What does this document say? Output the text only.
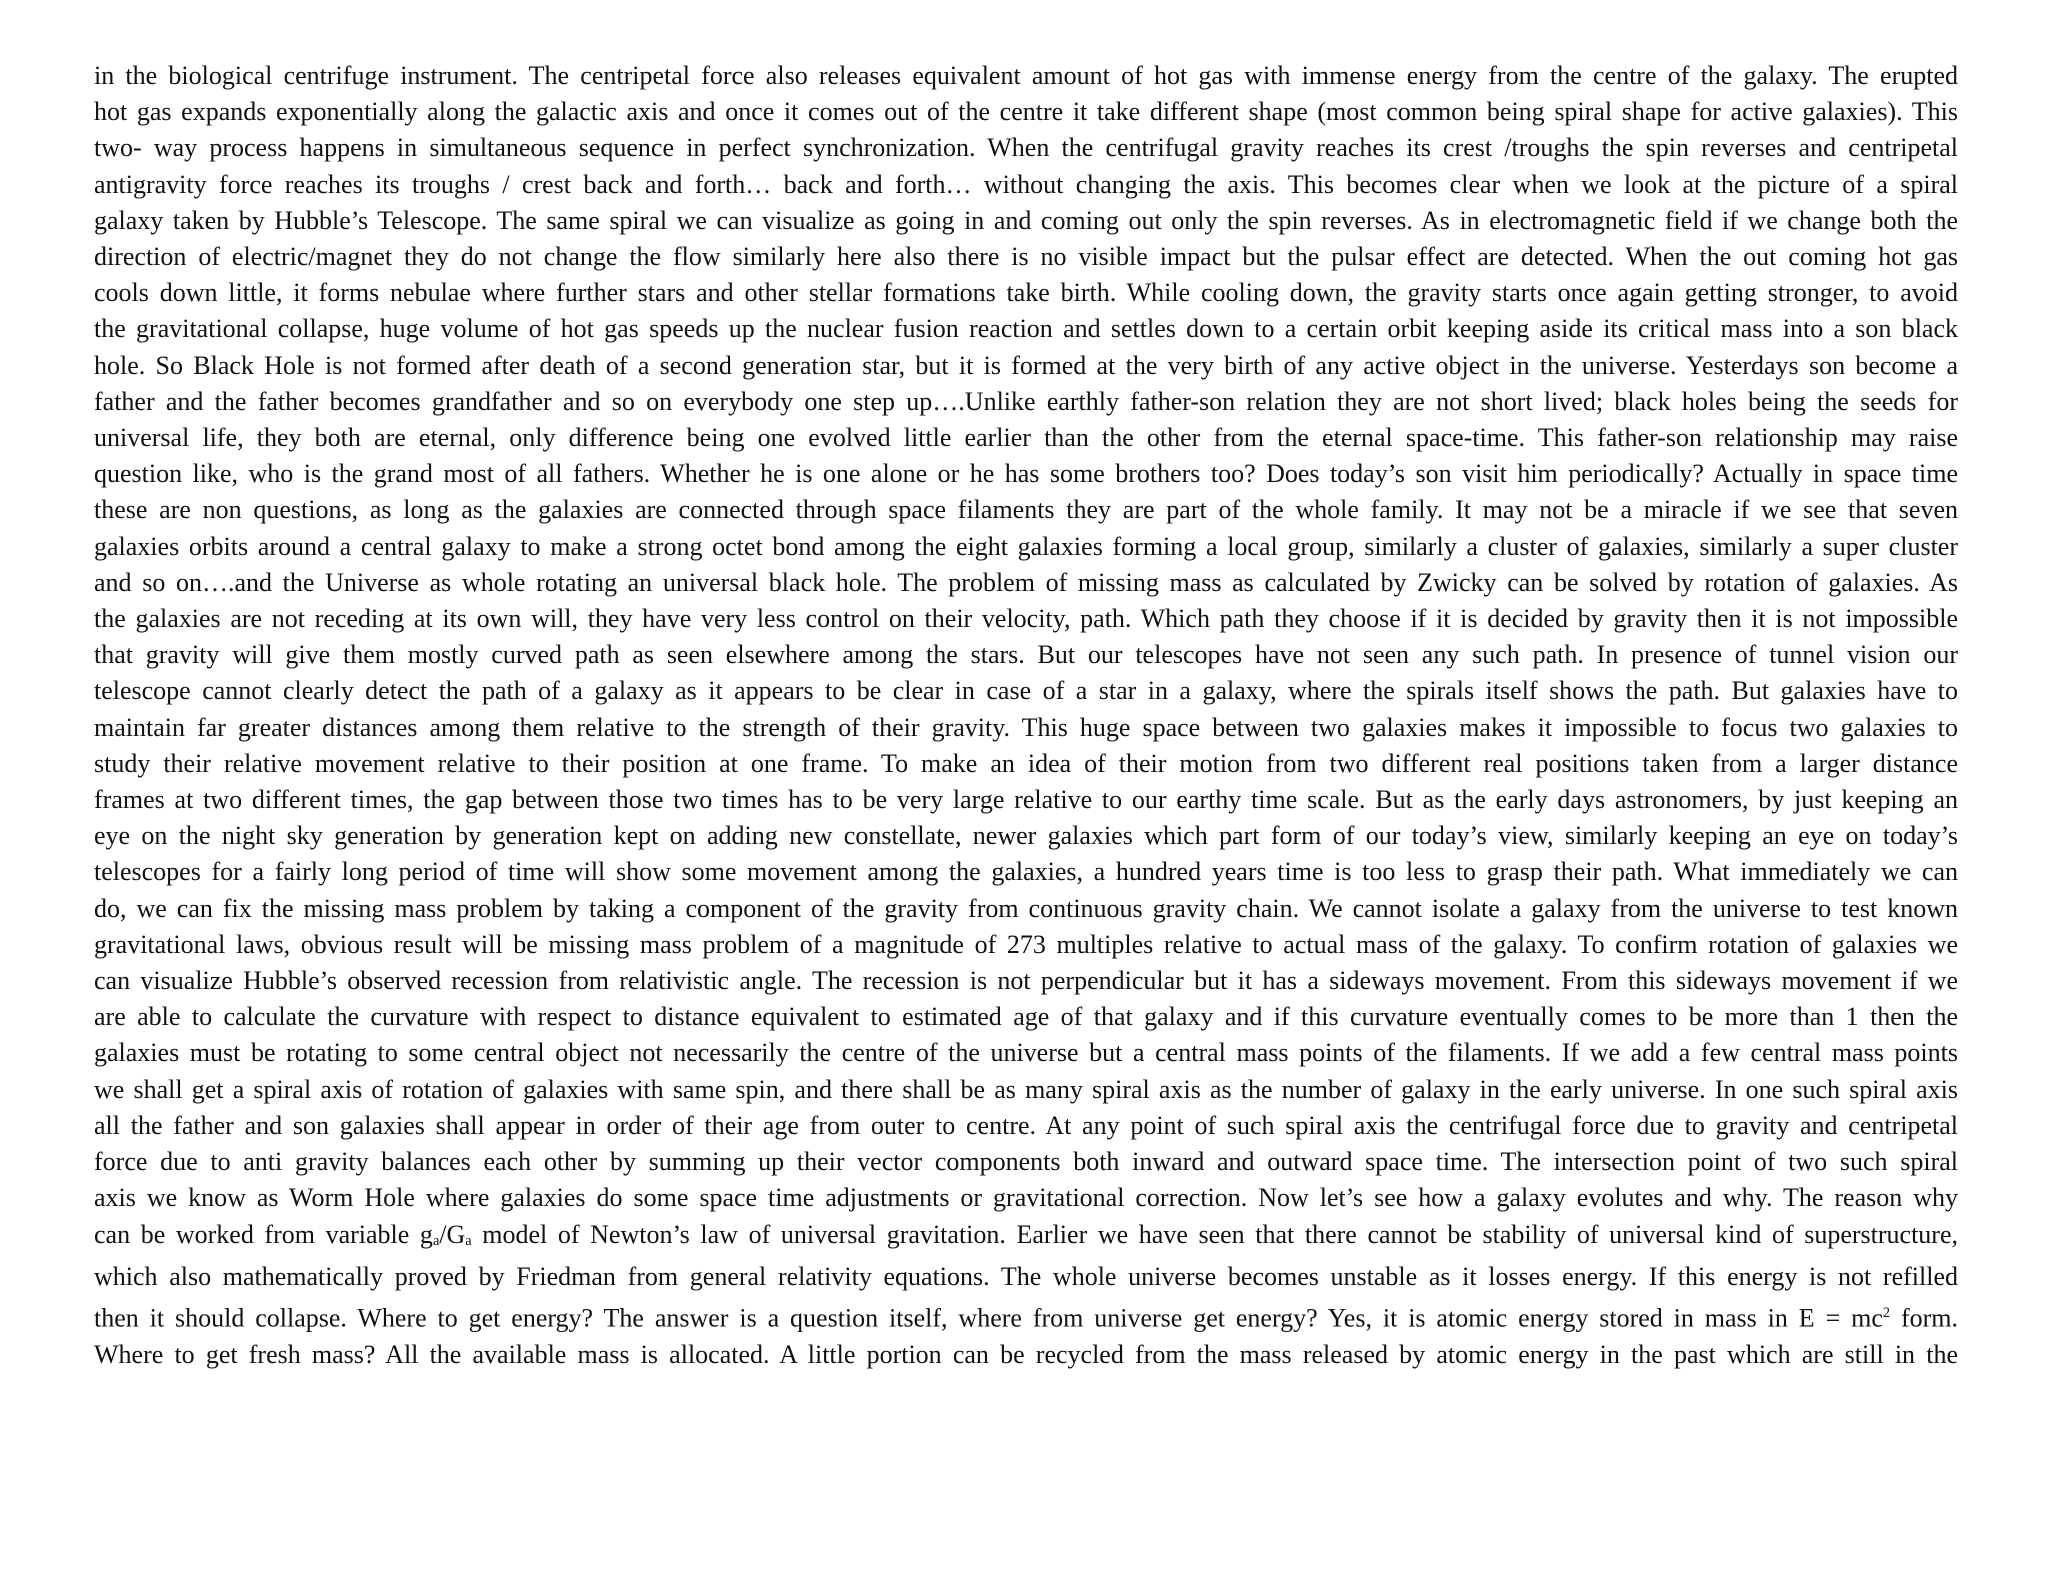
in the biological centrifuge instrument. The centripetal force also releases equivalent amount of hot gas with immense energy from the centre of the galaxy. The erupted
hot gas expands exponentially along the galactic axis and once it comes out of the centre it take different shape (most common being spiral shape for active galaxies). This
two- way process happens in simultaneous sequence in perfect synchronization. When the centrifugal gravity reaches its crest /troughs the spin reverses and centripetal
antigravity force reaches its troughs / crest back and forth… back and forth… without changing the axis. This becomes clear when we look at the picture of a spiral
galaxy taken by Hubble’s Telescope. The same spiral we can visualize as going in and coming out only the spin reverses. As in electromagnetic field if we change both the
direction of electric/magnet they do not change the flow similarly here also there is no visible impact but the pulsar effect are detected. When the out coming hot gas
cools down little, it forms nebulae where further stars and other stellar formations take birth. While cooling down, the gravity starts once again getting stronger, to avoid
the gravitational collapse, huge volume of hot gas speeds up the nuclear fusion reaction and settles down to a certain orbit keeping aside its critical mass into a son black
hole. So Black Hole is not formed after death of a second generation star, but it is formed at the very birth of any active object in the universe. Yesterdays son become a
father and the father becomes grandfather and so on everybody one step up….Unlike earthly father-son relation they are not short lived; black holes being the seeds for
universal life, they both are eternal, only difference being one evolved little earlier than the other from the eternal space-time. This father-son relationship may raise
question like, who is the grand most of all fathers. Whether he is one alone or he has some brothers too? Does today’s son visit him periodically? Actually in space time
these are non questions, as long as the galaxies are connected through space filaments they are part of the whole family. It may not be a miracle if we see that seven
galaxies orbits around a central galaxy to make a strong octet bond among the eight galaxies forming a local group, similarly a cluster of galaxies, similarly a super cluster
and so on….and the Universe as whole rotating an universal black hole. The problem of missing mass as calculated by Zwicky can be solved by rotation of galaxies. As
the galaxies are not receding at its own will, they have very less control on their velocity, path. Which path they choose if it is decided by gravity then it is not impossible
that gravity will give them mostly curved path as seen elsewhere among the stars. But our telescopes have not seen any such path. In presence of tunnel vision our
telescope cannot clearly detect the path of a galaxy as it appears to be clear in case of a star in a galaxy, where the spirals itself shows the path. But galaxies have to
maintain far greater distances among them relative to the strength of their gravity. This huge space between two galaxies makes it impossible to focus two galaxies to
study their relative movement relative to their position at one frame. To make an idea of their motion from two different real positions taken from a larger distance
frames at two different times, the gap between those two times has to be very large relative to our earthy time scale. But as the early days astronomers, by just keeping an
eye on the night sky generation by generation kept on adding new constellate, newer galaxies which part form of our today’s view, similarly keeping an eye on today’s
telescopes for a fairly long period of time will show some movement among the galaxies, a hundred years time is too less to grasp their path. What immediately we can
do, we can fix the missing mass problem by taking a component of the gravity from continuous gravity chain. We cannot isolate a galaxy from the universe to test known
gravitational laws, obvious result will be missing mass problem of a magnitude of 273 multiples relative to actual mass of the galaxy. To confirm rotation of galaxies we
can visualize Hubble’s observed recession from relativistic angle. The recession is not perpendicular but it has a sideways movement. From this sideways movement if we
are able to calculate the curvature with respect to distance equivalent to estimated age of that galaxy and if this curvature eventually comes to be more than 1 then the
galaxies must be rotating to some central object not necessarily the centre of the universe but a central mass points of the filaments. If we add a few central mass points
we shall get a spiral axis of rotation of galaxies with same spin, and there shall be as many spiral axis as the number of galaxy in the early universe. In one such spiral axis
all the father and son galaxies shall appear in order of their age from outer to centre. At any point of such spiral axis the centrifugal force due to gravity and centripetal
force due to anti gravity balances each other by summing up their vector components both inward and outward space time. The intersection point of two such spiral
axis we know as Worm Hole where galaxies do some space time adjustments or gravitational correction. Now let’s see how a galaxy evolutes and why. The reason why
can be worked from variable ga/Ga model of Newton’s law of universal gravitation. Earlier we have seen that there cannot be stability of universal kind of superstructure,
which also mathematically proved by Friedman from general relativity equations. The whole universe becomes unstable as it losses energy. If this energy is not refilled
then it should collapse. Where to get energy? The answer is a question itself, where from universe get energy? Yes, it is atomic energy stored in mass in $E = mc^2$ form.
Where to get fresh mass? All the available mass is allocated. A little portion can be recycled from the mass released by atomic energy in the past which are still in the
